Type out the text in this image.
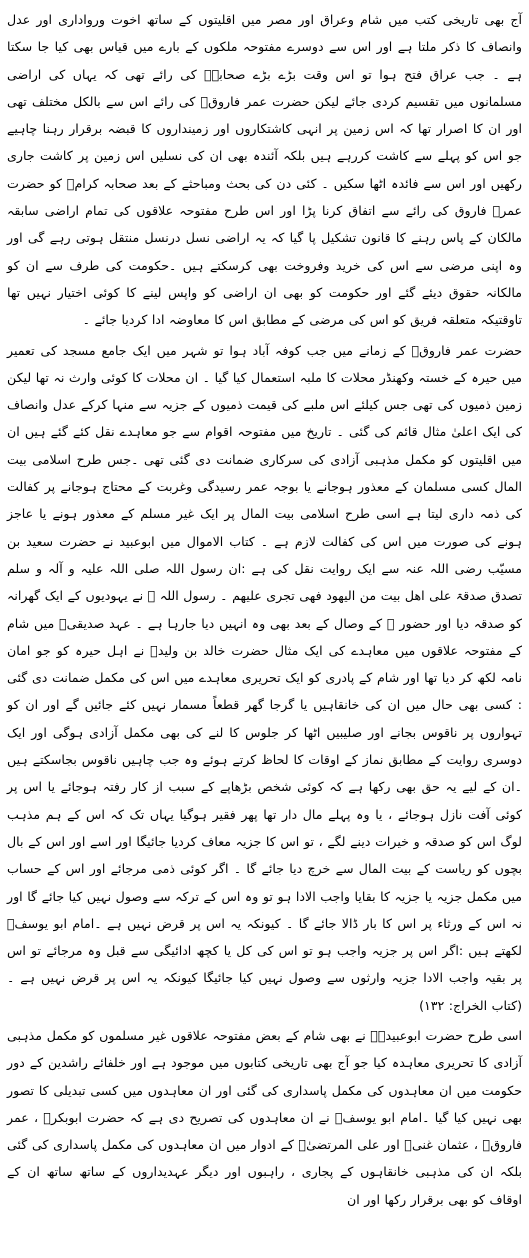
آج بھی تاریخی کتب میں شام وعراق اور مصر میں اقلیتوں کے ساتھ اخوت ورواداری اور عدل وانصاف کا ذکر ملتا ہے اور اس سے دوسرے مفتوحہ ملکوں کے بارے میں قیاس بھی کیا جا سکتا ہے ۔ جب عراق فتح ہوا تو اس وقت بڑے بڑے صحابہؓ کی رائے تھی کہ یہاں کی اراضی مسلمانوں میں تقسیم کردی جائے لیکن حضرت عمر فاروقؓ کی رائے اس سے بالکل مختلف تھی اور ان کا اصرار تھا کہ اس زمین پر انہی کاشتکاروں اور زمینداروں کا قبضہ برقرار رہنا چاہیے جو اس کو پہلے سے کاشت کررہے ہیں بلکہ آئندہ بھی ان کی نسلیں اس زمین پر کاشت جاری رکھیں اور اس سے فائدہ اٹھا سکیں ۔ کئی دن کی بحث ومباحثے کے بعد صحابہ کرامؓ کو حضرت عمرؓ فاروق کی رائے سے اتفاق کرنا پڑا اور اس طرح مفتوحہ علاقوں کی تمام اراضی سابقہ مالکان کے پاس رہنے کا قانون تشکیل پا گیا کہ یہ اراضی نسل درنسل منتقل ہوتی رہے گی اور وہ اپنی مرضی سے اس کی خرید وفروخت بھی کرسکتے ہیں ۔حکومت کی طرف سے ان کو مالکانہ حقوق دیئے گئے اور حکومت کو بھی ان اراضی کو واپس لینے کا کوئی اختیار نہیں تھا تاوقتیکہ متعلقہ فریق کو اس کی مرضی کے مطابق اس کا معاوضہ ادا کردیا جائے ۔

حضرت عمر فاروقؓ کے زمانے میں جب کوفہ آباد ہوا تو شہر میں ایک جامع مسجد کی تعمیر میں حیرہ کے خستہ وکھنڈر محلات کا ملبہ استعمال کیا گیا ۔ ان محلات کا کوئی وارث نہ تھا لیکن زمین ذمیوں کی تھی جس کیلئے اس ملبے کی قیمت ذمیوں کے جزیہ سے منہا کرکے عدل وانصاف کی ایک اعلیٰ مثال قائم کی گئی ۔ تاریخ میں مفتوحہ اقوام سے جو معاہدے نقل کئے گئے ہیں ان میں اقلیتوں کو مکمل مذہبی آزادی کی سرکاری ضمانت دی گئی تھی ۔جس طرح اسلامی بیت المال کسی مسلمان کے معذور ہوجانے یا بوجہ عمر رسیدگی وغربت کے محتاج ہوجانے پر کفالت کی ذمہ داری لیتا ہے اسی طرح اسلامی بیت المال پر ایک غیر مسلم کے معذور ہونے یا عاجز ہونے کی صورت میں اس کی کفالت لازم ہے ۔ کتاب الاموال میں ابوعبید نے حضرت سعید بن مسیّب رضی اللہ عنہ سے ایک روایت نقل کی ہے :ان رسول اللہ صلی اللہ علیہ و آلہ و سلم تصدق صدقۃ علی اھل بیت من الیھود فھی تجری علیھم ۔ رسول اللہ ﷺ نے یہودیوں کے ایک گھرانہ کو صدقہ دیا اور حضور ﷺ کے وصال کے بعد بھی وہ انہیں دیا جارہا ہے ۔ عہد صدیقیؓ میں شام کے مفتوحہ علاقوں میں معاہدے کی ایک مثال حضرت خالد بن ولیدؓ نے اہل حیرہ کو جو امان نامہ لکھ کر دیا تھا اور شام کے پادری کو ایک تحریری معاہدے میں اس کی مکمل ضمانت دی گئی : کسی بھی حال میں ان کی خانقاہیں یا گرجا گھر قطعاً مسمار نہیں کئے جائیں گے اور ان کو تہواروں پر ناقوس بجانے اور صلیبیں اٹھا کر جلوس کا لنے کی بھی مکمل آزادی ہوگی اور ایک دوسری روایت کے مطابق نماز کے اوقات کا لحاظ کرتے ہوئے وہ جب چاہیں ناقوس بجاسکتے ہیں ۔ان کے لیے یہ حق بھی رکھا ہے کہ کوئی شخص بڑھاپے کے سبب از کار رفتہ ہوجائے یا اس پر کوئی آفت نازل ہوجائے ، یا وہ پہلے مال دار تھا پھر فقیر ہوگیا یہاں تک کہ اس کے ہم مذہب لوگ اس کو صدقہ و خیرات دینے لگے ، تو اس کا جزیہ معاف کردیا جائیگا اور اسے اور اس کے بال بچوں کو ریاست کے بیت المال سے خرچ دیا جائے گا ۔ اگر کوئی ذمی مرجائے اور اس کے حساب میں مکمل جزیہ یا جزیہ کا بقایا واجب الادا ہو تو وہ اس کے ترکہ سے وصول نہیں کیا جائے گا اور نہ اس کے ورثاء پر اس کا بار ڈالا جائے گا ۔ کیونکہ یہ اس پر قرض نہیں ہے ۔امام ابو یوسفؒ لکھتے ہیں :اگر اس پر جزیہ واجب ہو تو اس کی کل یا کچھ ادائیگی سے قبل وہ مرجائے تو اس پر بقیہ واجب الادا جزیہ وارثوں سے وصول نہیں کیا جائیگا کیونکہ یہ اس پر قرض نہیں ہے ۔ (کتاب الخراج: ۱۳۲)

اسی طرح حضرت ابوعبیدہؓ نے بھی شام کے بعض مفتوحہ علاقوں غیر مسلموں کو مکمل مذہبی آزادی کا تحریری معاہدہ کیا جو آج بھی تاریخی کتابوں میں موجود ہے اور خلفائے راشدین کے دور حکومت میں ان معاہدوں کی مکمل پاسداری کی گئی اور ان معاہدوں میں کسی تبدیلی کا تصور بھی نہیں کیا گیا ۔امام ابو یوسفؒ نے ان معاہدوں کی تصریح دی ہے کہ حضرت ابوبکرؓ ، عمر فاروقؓ ، عثمان غنیؓ اور علی المرتضیٰؓ کے ادوار میں ان معاہدوں کی مکمل پاسداری کی گئی بلکہ ان کی مذہبی خانقاہوں کے پجاری ، راہبوں اور دیگر عہدیداروں کے ساتھ ساتھ ان کے اوقاف کو بھی برقرار رکھا اور ان
